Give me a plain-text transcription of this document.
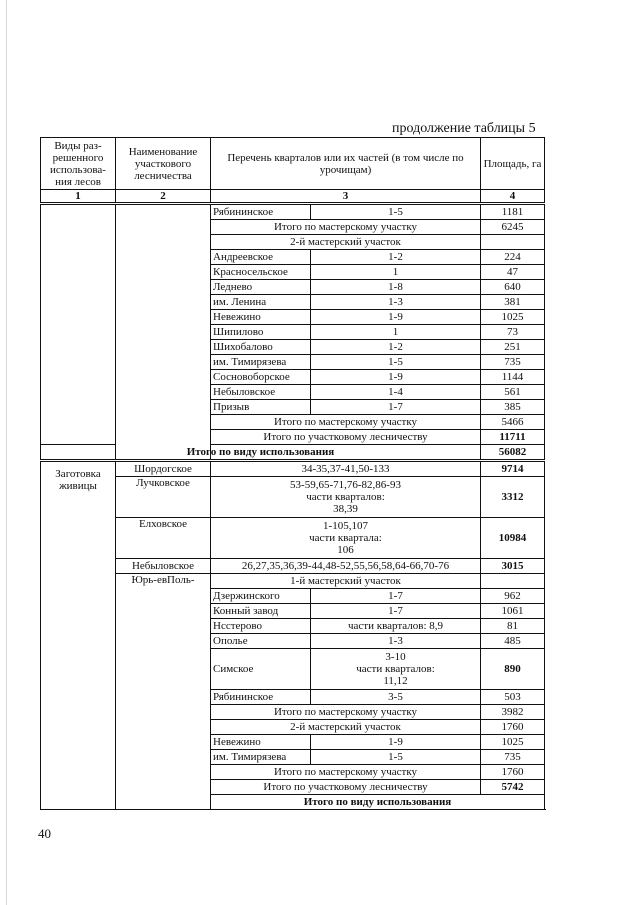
продолжение таблицы 5
Виды раз-решенного использова-ния лесов	Наименование участкового лесничества	Перечень кварталов или их частей (в том числе по урочищам)		Площадь, га	
1	2	3		4	
		Рябининское	1-5	1181	
		Итого по мастерскому участку		6245	
		2-й мастерский участок			
		Андреевское	1-2	224	
		Красносельское	1	47	
		Леднево	1-8	640	
		им. Ленина	1-3	381	
		Невежино	1-9	1025	
		Шипилово	1	73	
		Шихобалово	1-2	251	
		им. Тимирязева	1-5	735	
		Сосновоборское	1-9	1144	
		Небыловское	1-4	561	
		Призыв	1-7	385	
		Итого по мастерскому участку		5466	
		Итого по участковому лесничеству		11711	
Итого по виду использования				56082	
Заготовка живицы	Шордогское	34-35,37-41,50-133		9714	
	Лучковское	53-59,65-71,76-82,86-93
части кварталов:
38,39		3312	
	Елховское	1-105,107
части квартала:
106		10984	
	Небыловское	26,27,35,36,39-44,48-52,55,56,58,64-66,70-76		3015	
	Юрь-евПоль-	1-й мастерский участок			
		Дзержинского	1-7	962	
		Конный завод	1-7	1061	
		Нсстерово	части кварталов: 8,9	81	
		Ополье	1-3	485	
		Симское	3-10
части кварталов:
11,12	890	
		Рябининское	3-5	503	
		Итого по мастерскому участку		3982	
		2-й мастерский участок		1760	
		Невежино	1-9	1025	
		им. Тимирязева	1-5	735	
		Итого по мастерскому участку		1760	
		Итого по участковому лесничеству		5742	
		Итого по виду использования	
40
